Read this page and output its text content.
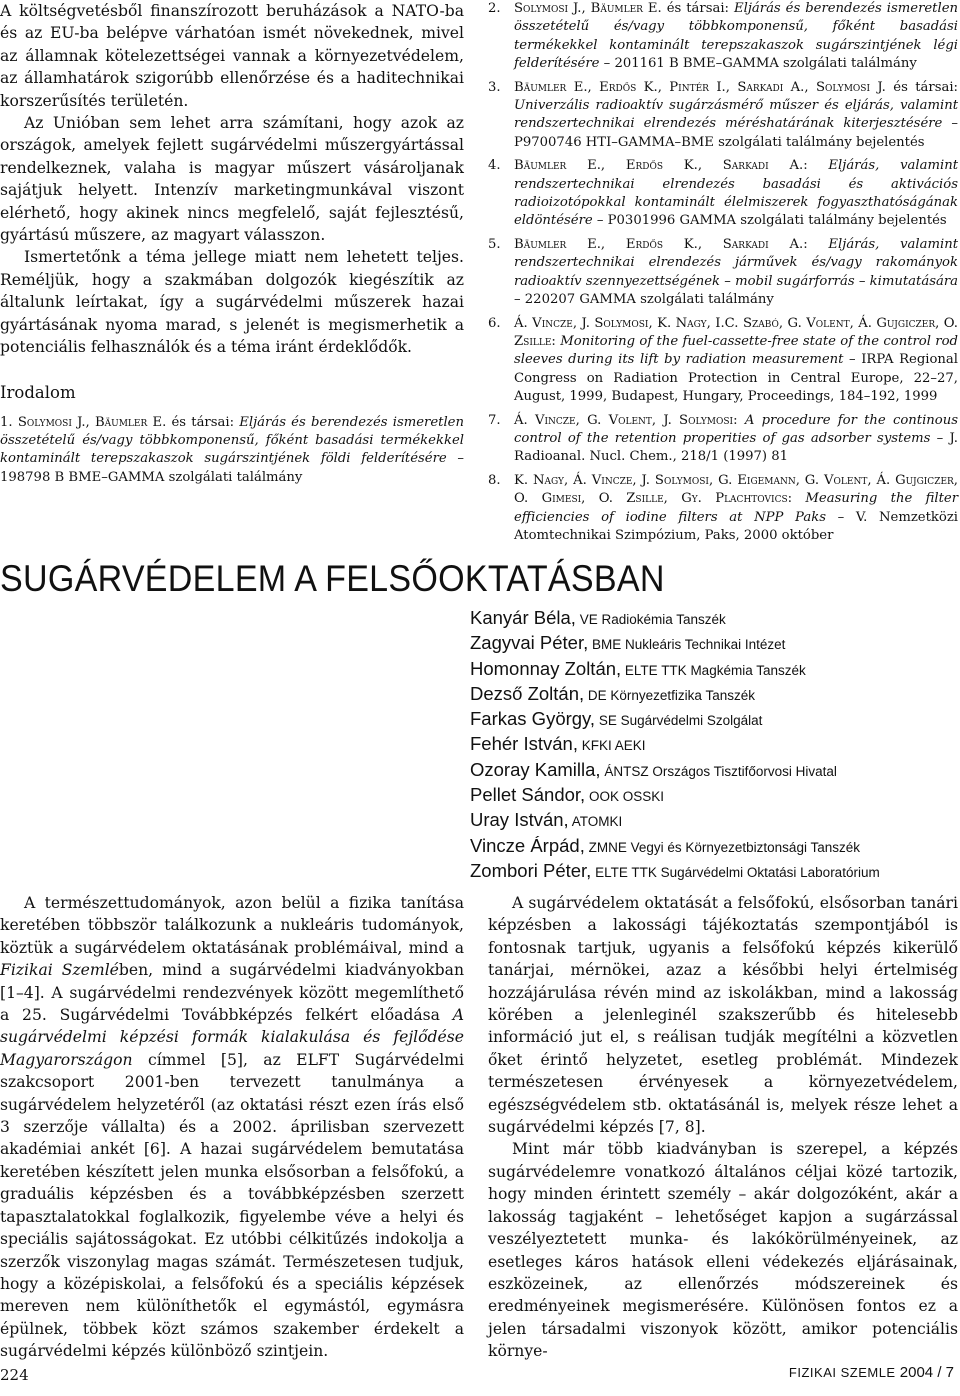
A költségvetésből finanszírozott beruházások a NATO-ba és az EU-ba belépve várhatóan ismét növekednek, mivel az államnak kötelezettségei vannak a környezetvédelem, az államhatárok szigorúbb ellenőrzése és a haditechnikai korszerűsítés területén.

Az Unióban sem lehet arra számítani, hogy azok az országok, amelyek fejlett sugárvédelmi műszergyártással rendelkeznek, valaha is magyar műszert vásároljanak sajátjuk helyett. Intenzív marketingmunkával viszont elérhető, hogy akinek nincs megfelelő, saját fejlesztésű, gyártású műszere, az magyart válasszon.

Ismertetőnk a téma jellege miatt nem lehetett teljes. Reméljük, hogy a szakmában dolgozók kiegészítik az általunk leírtakat, így a sugárvédelmi műszerek hazai gyártásának nyoma marad, s jelenét is megismerhetik a potenciális felhasználók és a téma iránt érdeklődők.

Irodalom

1. Solymosi J., Bäumler E. és társai: Eljárás és berendezés ismeretlen összetételű és/vagy többkomponensű, főként basadási termékekkel kontaminált terepszakaszok sugárszintjének földi felderítésére – 198798 B BME–GAMMA szolgálati találmány

2. Solymosi J., Bäumler E. és társai: Eljárás és berendezés ismeretlen összetételű és/vagy többkomponensű, főként basadási termékekkel kontaminált terepszakaszok sugárszintjének légi felderítésére – 201161 B BME–GAMMA szolgálati találmány
3. Bäumler E., Erdős K., Pintér I., Sarkadi A., Solymosi J. és társai: Univerzális radioaktív sugárzásmérő műszer és eljárás, valamint rendszertechnikai elrendezés méréshatárának kiterjesztésére – P9700746 HTI–GAMMA–BME szolgálati találmány bejelentés
4. Bäumler E., Erdős K., Sarkadi A.: Eljárás, valamint rendszertechnikai elrendezés basadási és aktivációs radioizotópokkal kontaminált élelmiszerek fogyaszthatóságának eldöntésére – P0301996 GAMMA szolgálati találmány bejelentés
5. Bäumler E., Erdős K., Sarkadi A.: Eljárás, valamint rendszertechnikai elrendezés járművek és/vagy rakományok radioaktív szennyezettségének – mobil sugárforrás – kimutatására – 220207 GAMMA szolgálati találmány
6. Á. Vincze, J. Solymosi, K. Nagy, I.C. Szabó, G. Volent, Á. Gujgiczer, O. Zsille: Monitoring of the fuel-cassette-free state of the control rod sleeves during its lift by radiation measurement – IRPA Regional Congress on Radiation Protection in Central Europe, 22–27, August, 1999, Budapest, Hungary, Proceedings, 184–192, 1999
7. Á. Vincze, G. Volent, J. Solymosi: A procedure for the continous control of the retention properities of gas adsorber systems – J. Radioanal. Nucl. Chem., 218/1 (1997) 81
8. K. Nagy, Á. Vincze, J. Solymosi, G. Eigemann, G. Volent, Á. Gujgiczer, O. Gimesi, O. Zsille, Gy. Plachtovics: Measuring the filter efficiencies of iodine filters at NPP Paks – V. Nemzetközi Atomtechnikai Szimpózium, Paks, 2000 október
SUGÁRVÉDELEM A FELSŐOKTATÁSBAN

Kanyár Béla, VE Radiokémia Tanszék

Zagyvai Péter, BME Nukleáris Technikai Intézet

Homonnay Zoltán, ELTE TTK Magkémia Tanszék

Dezső Zoltán, DE Környezetfizika Tanszék

Farkas György, SE Sugárvédelmi Szolgálat

Fehér István, KFKI AEKI

Ozoray Kamilla, ÁNTSZ Országos Tisztifőorvosi Hivatal

Pellet Sándor, OOK OSSKI

Uray István, ATOMKI

Vincze Árpád, ZMNE Vegyi és Környezetbiztonsági Tanszék

Zombori Péter, ELTE TTK Sugárvédelmi Oktatási Laboratórium

A természettudományok, azon belül a fizika tanítása keretében többször találkozunk a nukleáris tudományok, köztük a sugárvédelem oktatásának problémáival, mind a Fizikai Szemlében, mind a sugárvédelmi kiadványokban [1–4]. A sugárvédelmi rendezvények között megemlíthető a 25. Sugárvédelmi Továbbképzés felkért előadása A sugárvédelmi képzési formák kialakulása és fejlődése Magyarországon címmel [5], az ELFT Sugárvédelmi szakcsoport 2001-ben tervezett tanulmánya a sugárvédelem helyzetéről (az oktatási részt ezen írás első 3 szerzője vállalta) és a 2002. áprilisban szervezett akadémiai ankét [6]. A hazai sugárvédelem bemutatása keretében készített jelen munka elsősorban a felsőfokú, a graduális képzésben és a továbbképzésben szerzett tapasztalatokkal foglalkozik, figyelembe véve a helyi és speciális sajátosságokat. Ez utóbbi célkitűzés indokolja a szerzők viszonylag magas számát. Természetesen tudjuk, hogy a középiskolai, a felsőfokú és a speciális képzések mereven nem különíthetők el egymástól, egymásra épülnek, többek közt számos szakember érdekelt a sugárvédelmi képzés különböző szintjein.

A sugárvédelem oktatását a felsőfokú, elsősorban tanári képzésben a lakossági tájékoztatás szempontjából is fontosnak tartjuk, ugyanis a felsőfokú képzés kikerülő tanárjai, mérnökei, azaz a későbbi helyi értelmiség hozzájárulása révén mind az iskolákban, mind a lakosság körében a jelenleginél szakszerűbb és hitelesebb információ jut el, s reálisan tudják megítélni a közvetlen őket érintő helyzetet, esetleg problémát. Mindezek természetesen érvényesek a környezetvédelem, egészségvédelem stb. oktatásánál is, melyek része lehet a sugárvédelmi képzés [7, 8].

Mint már több kiadványban is szerepel, a képzés sugárvédelemre vonatkozó általános céljai közé tartozik, hogy minden érintett személy – akár dolgozóként, akár a lakosság tagjaként – lehetőséget kapjon a sugárzással veszélyeztetett munka- és lakókörülményeinek, az esetleges káros hatások elleni védekezés eljárásainak, eszközeinek, az ellenőrzés módszereinek és eredményeinek megismerésére. Különösen fontos ez a jelen társadalmi viszonyok között, amikor potenciális környe-

224	FIZIKAI SZEMLE 2004 / 7
